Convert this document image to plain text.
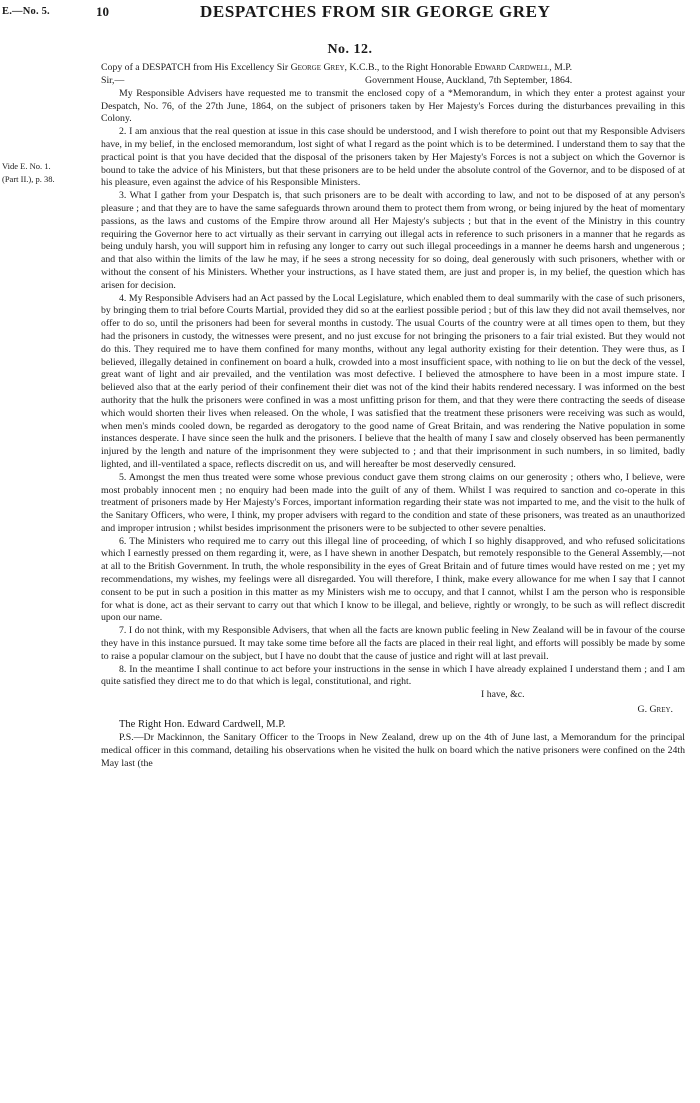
E.—No. 5.	10	DESPATCHES FROM SIR GEORGE GREY
No. 12.
Vide E. No. 1. (Part II.), p. 38.

Copy of a DESPATCH from His Excellency Sir George Grey, K.C.B., to the Right Honorable Edward Cardwell, M.P.

Sir,—	Government House, Auckland, 7th September, 1864.

My Responsible Advisers have requested me to transmit the enclosed copy of a *Memorandum, in which they enter a protest against your Despatch, No. 76, of the 27th June, 1864, on the subject of prisoners taken by Her Majesty's Forces during the disturbances prevailing in this Colony.

2. I am anxious that the real question at issue in this case should be understood, and I wish therefore to point out that my Responsible Advisers have, in my belief, in the enclosed memorandum, lost sight of what I regard as the point which is to be determined. I understand them to say that the practical point is that you have decided that the disposal of the prisoners taken by Her Majesty's Forces is not a subject on which the Governor is bound to take the advice of his Ministers, but that these prisoners are to be held under the absolute control of the Governor, and to be disposed of at his pleasure, even against the advice of his Responsible Ministers.

3. What I gather from your Despatch is, that such prisoners are to be dealt with according to law, and not to be disposed of at any person's pleasure ; and that they are to have the same safeguards thrown around them to protect them from wrong, or being injured by the heat of momentary passions, as the laws and customs of the Empire throw around all Her Majesty's subjects ; but that in the event of the Ministry in this country requiring the Governor here to act virtually as their servant in carrying out illegal acts in reference to such prisoners in a manner that he regards as being unduly harsh, you will support him in refusing any longer to carry out such illegal proceedings in a manner he deems harsh and ungenerous ; and that also within the limits of the law he may, if he sees a strong necessity for so doing, deal generously with such prisoners, whether with or without the consent of his Ministers. Whether your instructions, as I have stated them, are just and proper is, in my belief, the question which has arisen for decision.

4. My Responsible Advisers had an Act passed by the Local Legislature, which enabled them to deal summarily with the case of such prisoners, by bringing them to trial before Courts Martial, provided they did so at the earliest possible period ; but of this law they did not avail themselves, nor offer to do so, until the prisoners had been for several months in custody. The usual Courts of the country were at all times open to them, but they had the prisoners in custody, the witnesses were present, and no just excuse for not bringing the prisoners to a fair trial existed. But they would not do this. They required me to have them confined for many months, without any legal authority existing for their detention. They were thus, as I believed, illegally detained in confinement on board a hulk, crowded into a most insufficient space, with nothing to lie on but the deck of the vessel, great want of light and air prevailed, and the ventilation was most defective. I believed the atmosphere to have been in a most impure state. I believed also that at the early period of their confinement their diet was not of the kind their habits rendered necessary. I was informed on the best authority that the hulk the prisoners were confined in was a most unfitting prison for them, and that they were there contracting the seeds of disease which would shorten their lives when released. On the whole, I was satisfied that the treatment these prisoners were receiving was such as would, when men's minds cooled down, be regarded as derogatory to the good name of Great Britain, and was rendering the Native population in some instances desperate. I have since seen the hulk and the prisoners. I believe that the health of many I saw and closely observed has been permanently injured by the length and nature of the imprisonment they were subjected to ; and that their imprisonment in such numbers, in so limited, badly lighted, and ill-ventilated a space, reflects discredit on us, and will hereafter be most deservedly censured.

5. Amongst the men thus treated were some whose previous conduct gave them strong claims on our generosity ; others who, I believe, were most probably innocent men ; no enquiry had been made into the guilt of any of them. Whilst I was required to sanction and co-operate in this treatment of prisoners made by Her Majesty's Forces, important information regarding their state was not imparted to me, and the visit to the hulk of the Sanitary Officers, who were, I think, my proper advisers with regard to the condition and state of these prisoners, was treated as an unauthorized and improper intrusion ; whilst besides imprisonment the prisoners were to be subjected to other severe penalties.

6. The Ministers who required me to carry out this illegal line of proceeding, of which I so highly disapproved, and who refused solicitations which I earnestly pressed on them regarding it, were, as I have shewn in another Despatch, but remotely responsible to the General Assembly,—not at all to the British Government. In truth, the whole responsibility in the eyes of Great Britain and of future times would have rested on me ; yet my recommendations, my wishes, my feelings were all disregarded. You will therefore, I think, make every allowance for me when I say that I cannot consent to be put in such a position in this matter as my Ministers wish me to occupy, and that I cannot, whilst I am the person who is responsible for what is done, act as their servant to carry out that which I know to be illegal, and believe, rightly or wrongly, to be such as will reflect discredit upon our name.

7. I do not think, with my Responsible Advisers, that when all the facts are known public feeling in New Zealand will be in favour of the course they have in this instance pursued. It may take some time before all the facts are placed in their real light, and efforts will possibly be made by some to raise a popular clamour on the subject, but I have no doubt that the cause of justice and right will at last prevail.

8. In the meantime I shall continue to act before your instructions in the sense in which I have already explained I understand them ; and I am quite satisfied they direct me to do that which is legal, constitutional, and right.

I have, &c.
G. Grey.

The Right Hon. Edward Cardwell, M.P.

P.S.—Dr Mackinnon, the Sanitary Officer to the Troops in New Zealand, drew up on the 4th of June last, a Memorandum for the principal medical officer in this command, detailing his observations when he visited the hulk on board which the native prisoners were confined on the 24th May last (the
